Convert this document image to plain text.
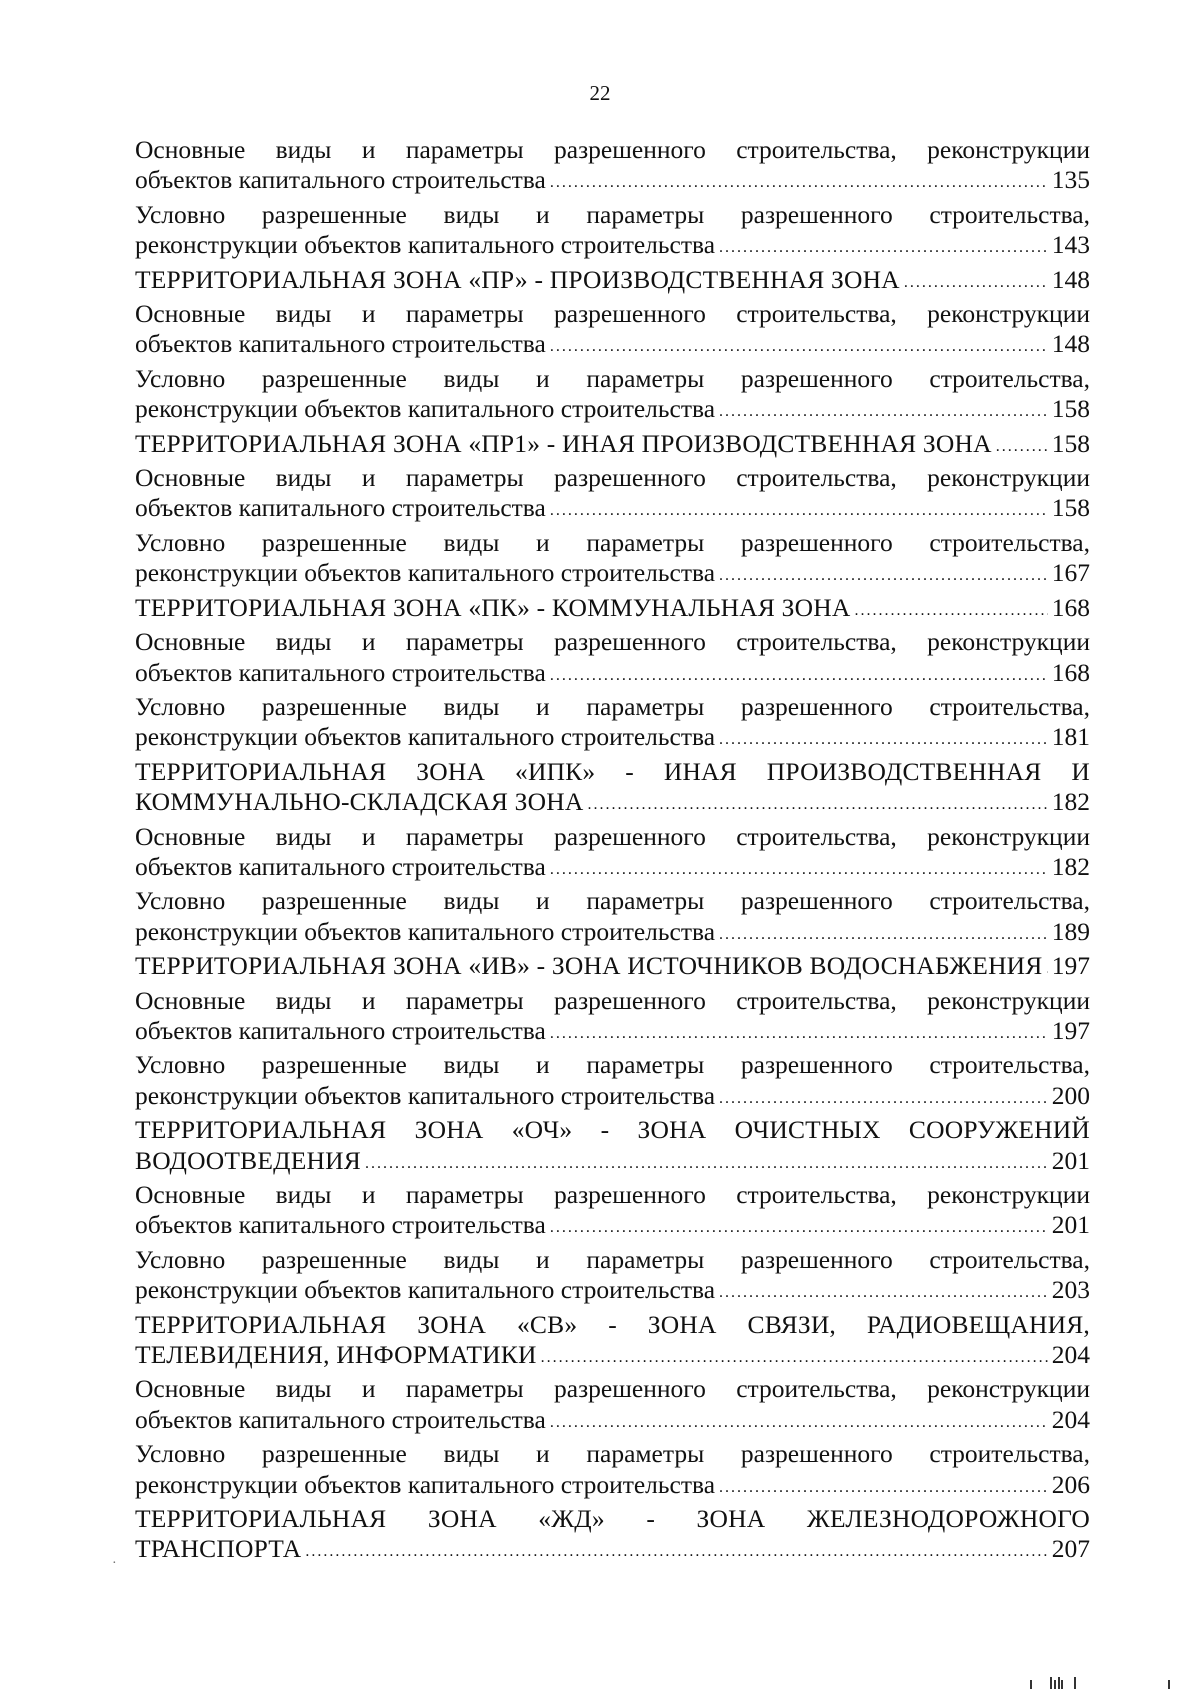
22
Основные виды и параметры разрешенного строительства, реконструкции
объектов капитального строительства .....	135
Условно разрешенные виды и параметры разрешенного строительства,
реконструкции объектов капитального строительства .....	143
ТЕРРИТОРИАЛЬНАЯ ЗОНА «ПР» - ПРОИЗВОДСТВЕННАЯ ЗОНА .....	148
Основные виды и параметры разрешенного строительства, реконструкции
объектов капитального строительства .....	148
Условно разрешенные виды и параметры разрешенного строительства,
реконструкции объектов капитального строительства .....	158
ТЕРРИТОРИАЛЬНАЯ ЗОНА «ПР1» - ИНАЯ ПРОИЗВОДСТВЕННАЯ ЗОНА ..... 158
Основные виды и параметры разрешенного строительства, реконструкции
объектов капитального строительства .....	158
Условно разрешенные виды и параметры разрешенного строительства,
реконструкции объектов капитального строительства .....	167
ТЕРРИТОРИАЛЬНАЯ ЗОНА «ПК» - КОММУНАЛЬНАЯ ЗОНА .....	168
Основные виды и параметры разрешенного строительства, реконструкции
объектов капитального строительства .....	168
Условно разрешенные виды и параметры разрешенного строительства,
реконструкции объектов капитального строительства .....	181
ТЕРРИТОРИАЛЬНАЯ ЗОНА «ИПК» - ИНАЯ ПРОИЗВОДСТВЕННАЯ И
КОММУНАЛЬНО-СКЛАДСКАЯ ЗОНА .....	182
Основные виды и параметры разрешенного строительства, реконструкции
объектов капитального строительства .....	182
Условно разрешенные виды и параметры разрешенного строительства,
реконструкции объектов капитального строительства .....	189
ТЕРРИТОРИАЛЬНАЯ ЗОНА «ИВ» - ЗОНА ИСТОЧНИКОВ ВОДОСНАБЖЕНИЯ ..... 197
Основные виды и параметры разрешенного строительства, реконструкции
объектов капитального строительства .....	197
Условно разрешенные виды и параметры разрешенного строительства,
реконструкции объектов капитального строительства .....	200
ТЕРРИТОРИАЛЬНАЯ ЗОНА «ОЧ» - ЗОНА ОЧИСТНЫХ СООРУЖЕНИЙ
ВОДООТВЕДЕНИЯ .....	201
Основные виды и параметры разрешенного строительства, реконструкции
объектов капитального строительства .....	201
Условно разрешенные виды и параметры разрешенного строительства,
реконструкции объектов капитального строительства .....	203
ТЕРРИТОРИАЛЬНАЯ ЗОНА «СВ» - ЗОНА СВЯЗИ, РАДИОВЕЩАНИЯ,
ТЕЛЕВИДЕНИЯ, ИНФОРМАТИКИ .....	204
Основные виды и параметры разрешенного строительства, реконструкции
объектов капитального строительства .....	204
Условно разрешенные виды и параметры разрешенного строительства,
реконструкции объектов капитального строительства .....	206
ТЕРРИТОРИАЛЬНАЯ ЗОНА «ЖД» - ЗОНА ЖЕЛЕЗНОДОРОЖНОГО
ТРАНСПОРТА .....	207
·
